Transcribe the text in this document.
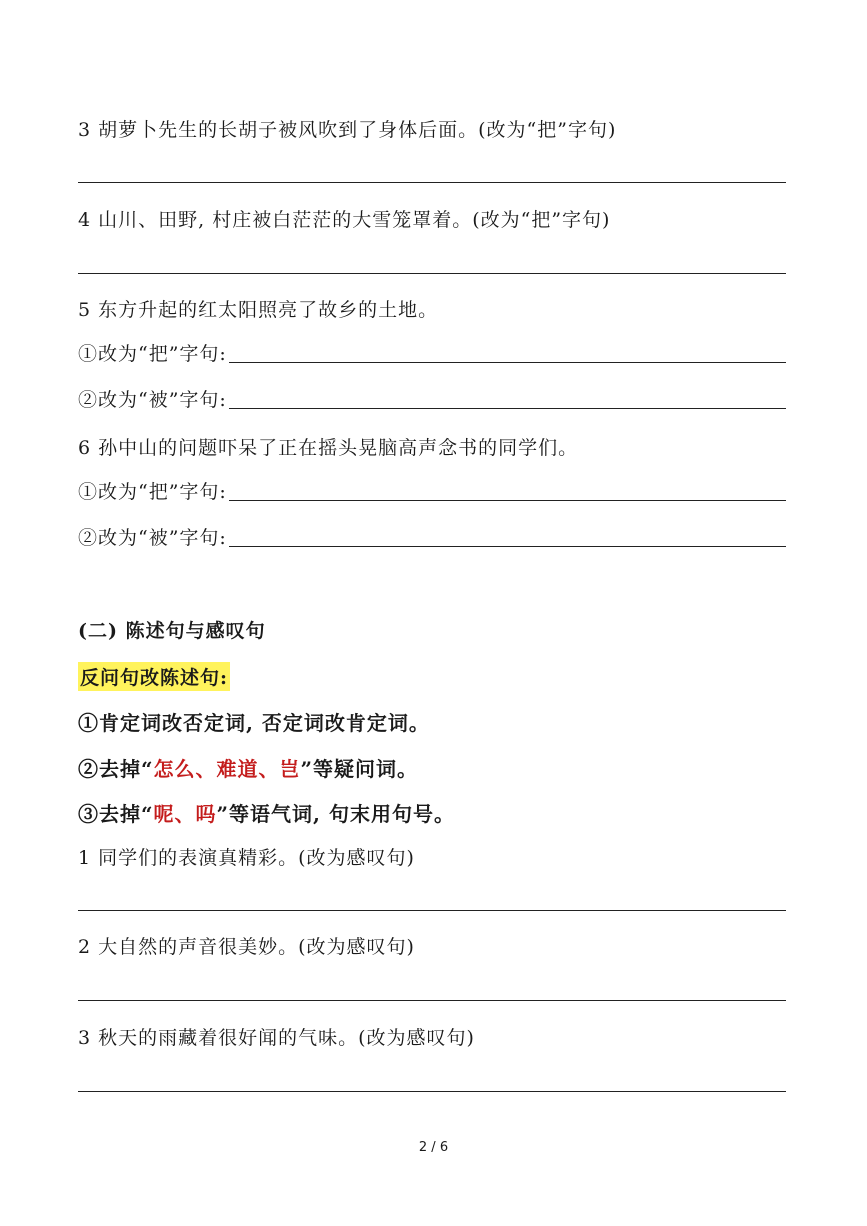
3 胡萝卜先生的长胡子被风吹到了身体后面。(改为“把”字句)
4 山川、田野, 村庄被白茫茫的大雪笼罩着。(改为“把”字句)
5 东方升起的红太阳照亮了故乡的土地。
①改为“把”字句:
②改为“被”字句:
6 孙中山的问题吓呆了正在摇头晃脑高声念书的同学们。
①改为“把”字句:
②改为“被”字句:
(二) 陈述句与感叹句
反问句改陈述句:
①肯定词改否定词, 否定词改肯定词。
②去掉“怎么、难道、岂”等疑问词。
③去掉“呢、吗”等语气词, 句末用句号。
1 同学们的表演真精彩。(改为感叹句)
2 大自然的声音很美妙。(改为感叹句)
3 秋天的雨藏着很好闻的气味。(改为感叹句)
2 / 6
